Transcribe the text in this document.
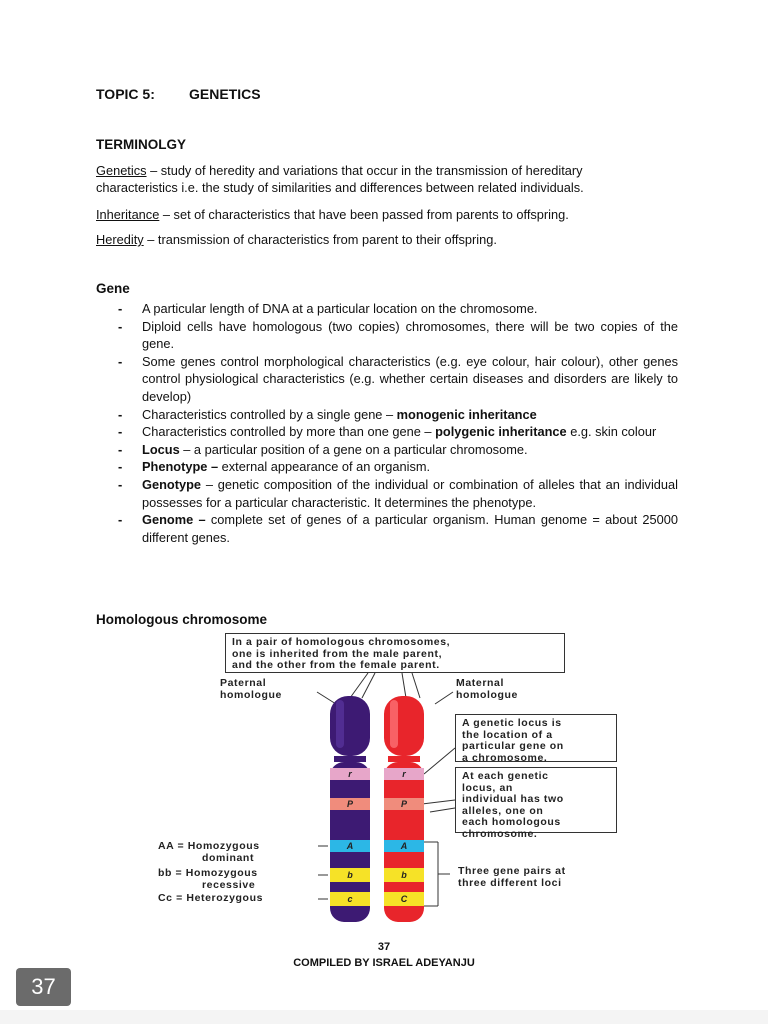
TOPIC 5: GENETICS
TERMINOLGY
Genetics – study of heredity and variations that occur in the transmission of hereditary
characteristics i.e. the study of similarities and differences between related individuals.
Inheritance – set of characteristics that have been passed from parents to offspring.
Heredity – transmission of characteristics from parent to their offspring.
Gene
- A particular length of DNA at a particular location on the chromosome.
- Diploid cells have homologous (two copies) chromosomes, there will be two copies of the gene.
- Some genes control morphological characteristics (e.g. eye colour, hair colour), other genes control physiological characteristics (e.g. whether certain diseases and disorders are likely to develop)
- Characteristics controlled by a single gene – monogenic inheritance
- Characteristics controlled by more than one gene – polygenic inheritance e.g. skin colour
- Locus – a particular position of a gene on a particular chromosome.
- Phenotype – external appearance of an organism.
- Genotype – genetic composition of the individual or combination of alleles that an individual possesses for a particular characteristic. It determines the phenotype.
- Genome – complete set of genes of a particular organism. Human genome = about 25000 different genes.
Homologous chromosome
In a pair of homologous chromosomes,
one is inherited from the male parent,
and the other from the female parent.
Paternal
homologue
Maternal
homologue
r	r
P	P
A	A
b	b
c	C
A genetic locus is
the location of a
particular gene on
a chromosome.
At each genetic
locus, an
individual has two
alleles, one on
each homologous
chromosome.
Three gene pairs at
three different loci
AA = Homozygous
dominant
bb = Homozygous
recessive
Cc = Heterozygous
37
COMPILED BY ISRAEL ADEYANJU
37
